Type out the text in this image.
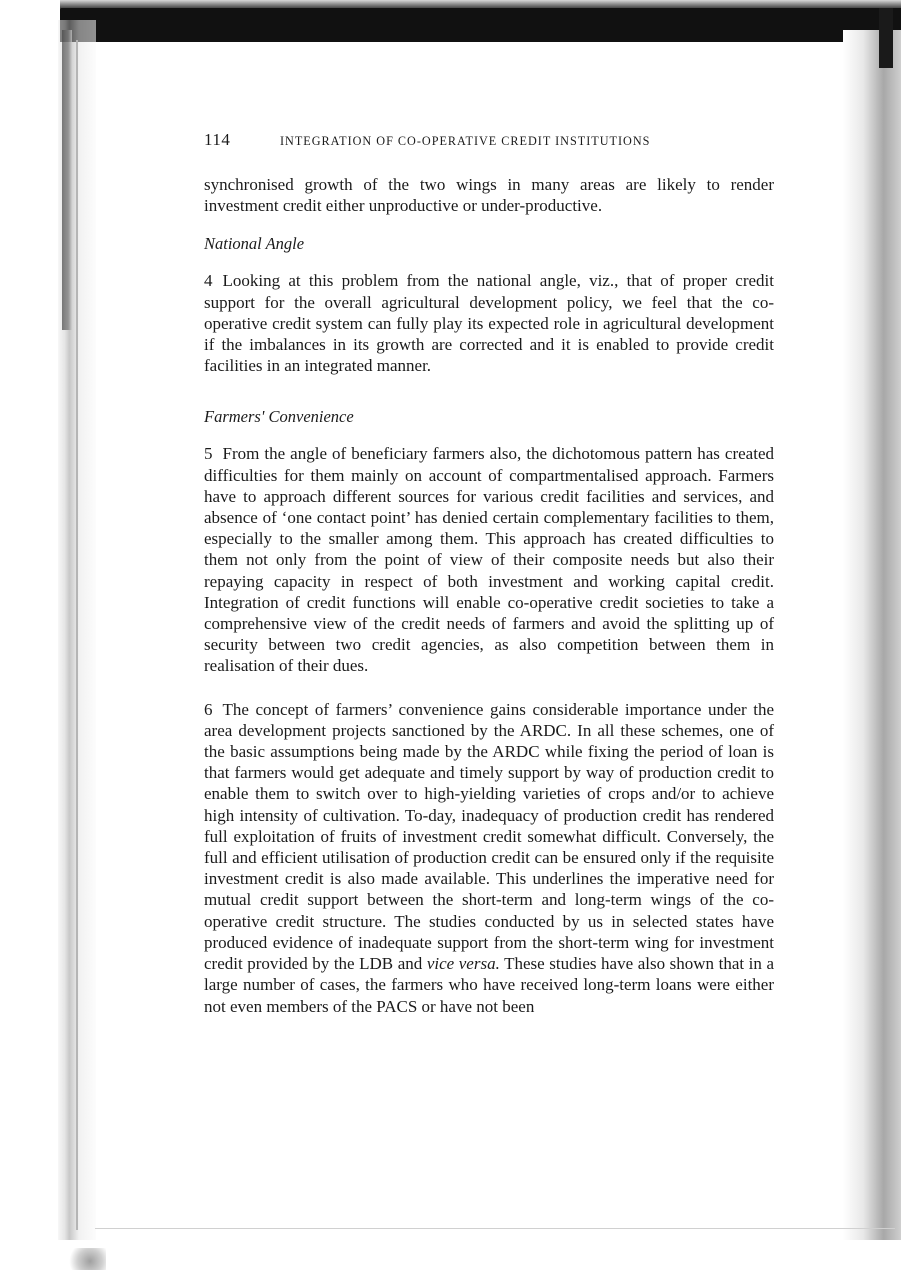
114	INTEGRATION OF CO-OPERATIVE CREDIT INSTITUTIONS

synchronised growth of the two wings in many areas are likely to render investment credit either unproductive or under-productive.

National Angle

4 Looking at this problem from the national angle, viz., that of proper credit support for the overall agricultural development policy, we feel that the co-operative credit system can fully play its expected role in agricultural development if the imbalances in its growth are corrected and it is enabled to provide credit facilities in an integrated manner.

Farmers' Convenience

5 From the angle of beneficiary farmers also, the dichotomous pattern has created difficulties for them mainly on account of compartmentalised approach. Farmers have to approach different sources for various credit facilities and services, and absence of ‘one contact point’ has denied certain complementary facilities to them, especially to the smaller among them. This approach has created difficulties to them not only from the point of view of their composite needs but also their repaying capacity in respect of both investment and working capital credit. Integration of credit functions will enable co-operative credit societies to take a comprehensive view of the credit needs of farmers and avoid the splitting up of security between two credit agencies, as also competition between them in realisation of their dues.

6 The concept of farmers’ convenience gains considerable importance under the area development projects sanctioned by the ARDC. In all these schemes, one of the basic assumptions being made by the ARDC while fixing the period of loan is that farmers would get adequate and timely support by way of production credit to enable them to switch over to high-yielding varieties of crops and/or to achieve high intensity of cultivation. To-day, inadequacy of production credit has rendered full exploitation of fruits of investment credit somewhat difficult. Conversely, the full and efficient utilisation of production credit can be ensured only if the requisite investment credit is also made available. This underlines the imperative need for mutual credit support between the short-term and long-term wings of the co-operative credit structure. The studies conducted by us in selected states have produced evidence of inadequate support from the short-term wing for investment credit provided by the LDB and vice versa. These studies have also shown that in a large number of cases, the farmers who have received long-term loans were either not even members of the PACS or have not been
